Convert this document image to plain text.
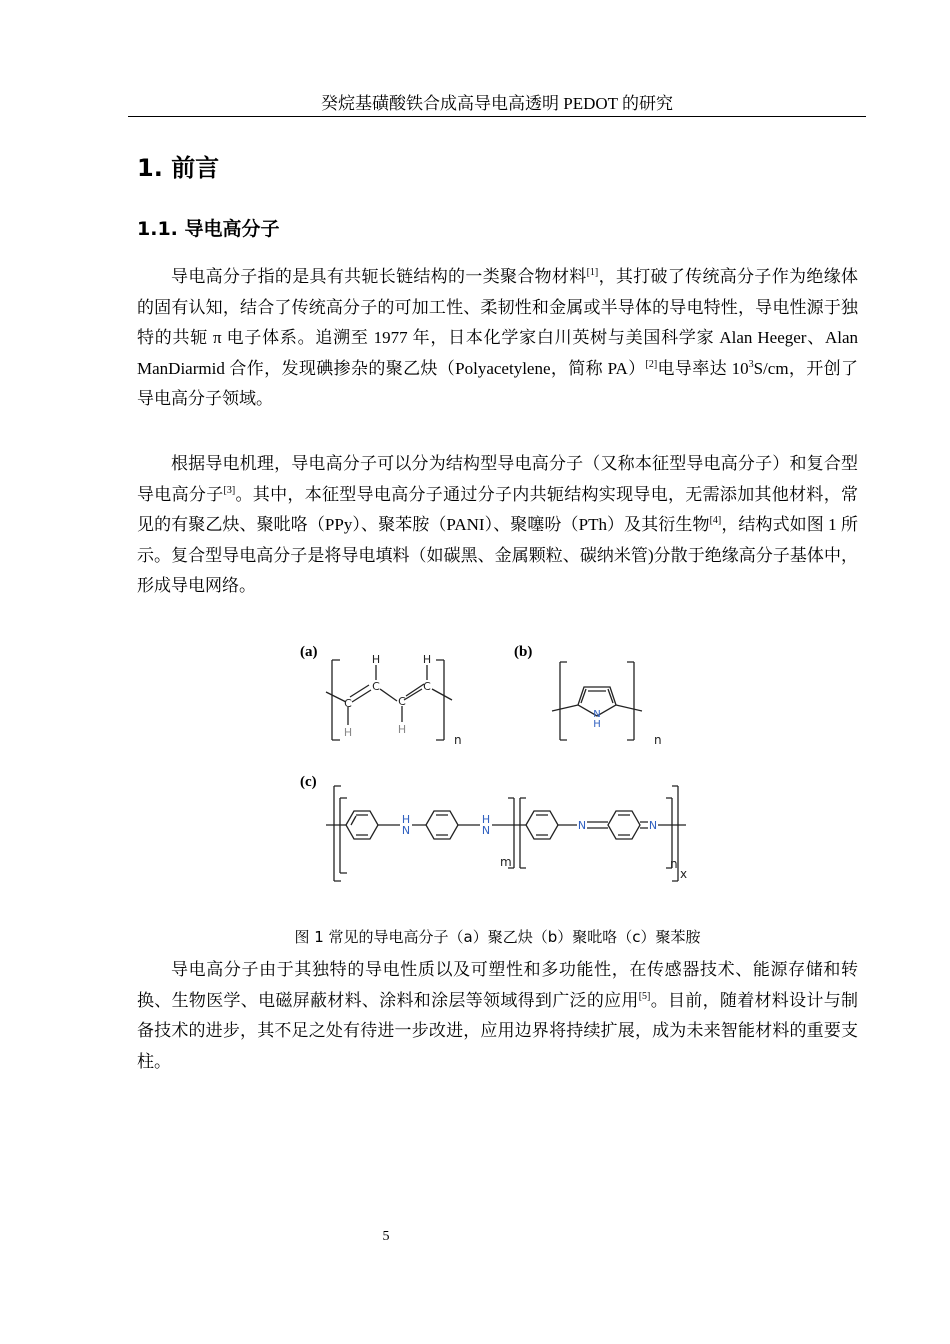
癸烷基磺酸铁合成高导电高透明 PEDOT 的研究
1. 前言
1.1. 导电高分子

导电高分子指的是具有共轭长链结构的一类聚合物材料[1]，其打破了传统高分子作为绝缘体的固有认知，结合了传统高分子的可加工性、柔韧性和金属或半导体的导电特性，导电性源于独特的共轭 π 电子体系。追溯至 1977 年，日本化学家白川英树与美国科学家 Alan Heeger、Alan ManDiarmid 合作，发现碘掺杂的聚乙炔（Polyacetylene，简称 PA）[2]电导率达 $10^3S/cm$，开创了导电高分子领域。

根据导电机理，导电高分子可以分为结构型导电高分子（又称本征型导电高分子）和复合型导电高分子[3]。其中，本征型导电高分子通过分子内共轭结构实现导电，无需添加其他材料，常见的有聚乙炔、聚吡咯（PPy）、聚苯胺（PANI）、聚噻吩（PTh）及其衍生物[4]，结构式如图 1 所示。复合型导电高分子是将导电填料（如碳黑、金属颗粒、碳纳米管)分散于绝缘高分子基体中，形成导电网络。

(a)	(b)
(c)
C
C
C
C
H	H
H	H
N
H
H
N
H
N	N	N
n	n
m	n
x
图 1 常见的导电高分子（a）聚乙炔（b）聚吡咯（c）聚苯胺

导电高分子由于其独特的导电性质以及可塑性和多功能性，在传感器技术、能源存储和转换、生物医学、电磁屏蔽材料、涂料和涂层等领域得到广泛的应用[5]。目前，随着材料设计与制备技术的进步，其不足之处有待进一步改进，应用边界将持续扩展，成为未来智能材料的重要支柱。

5
